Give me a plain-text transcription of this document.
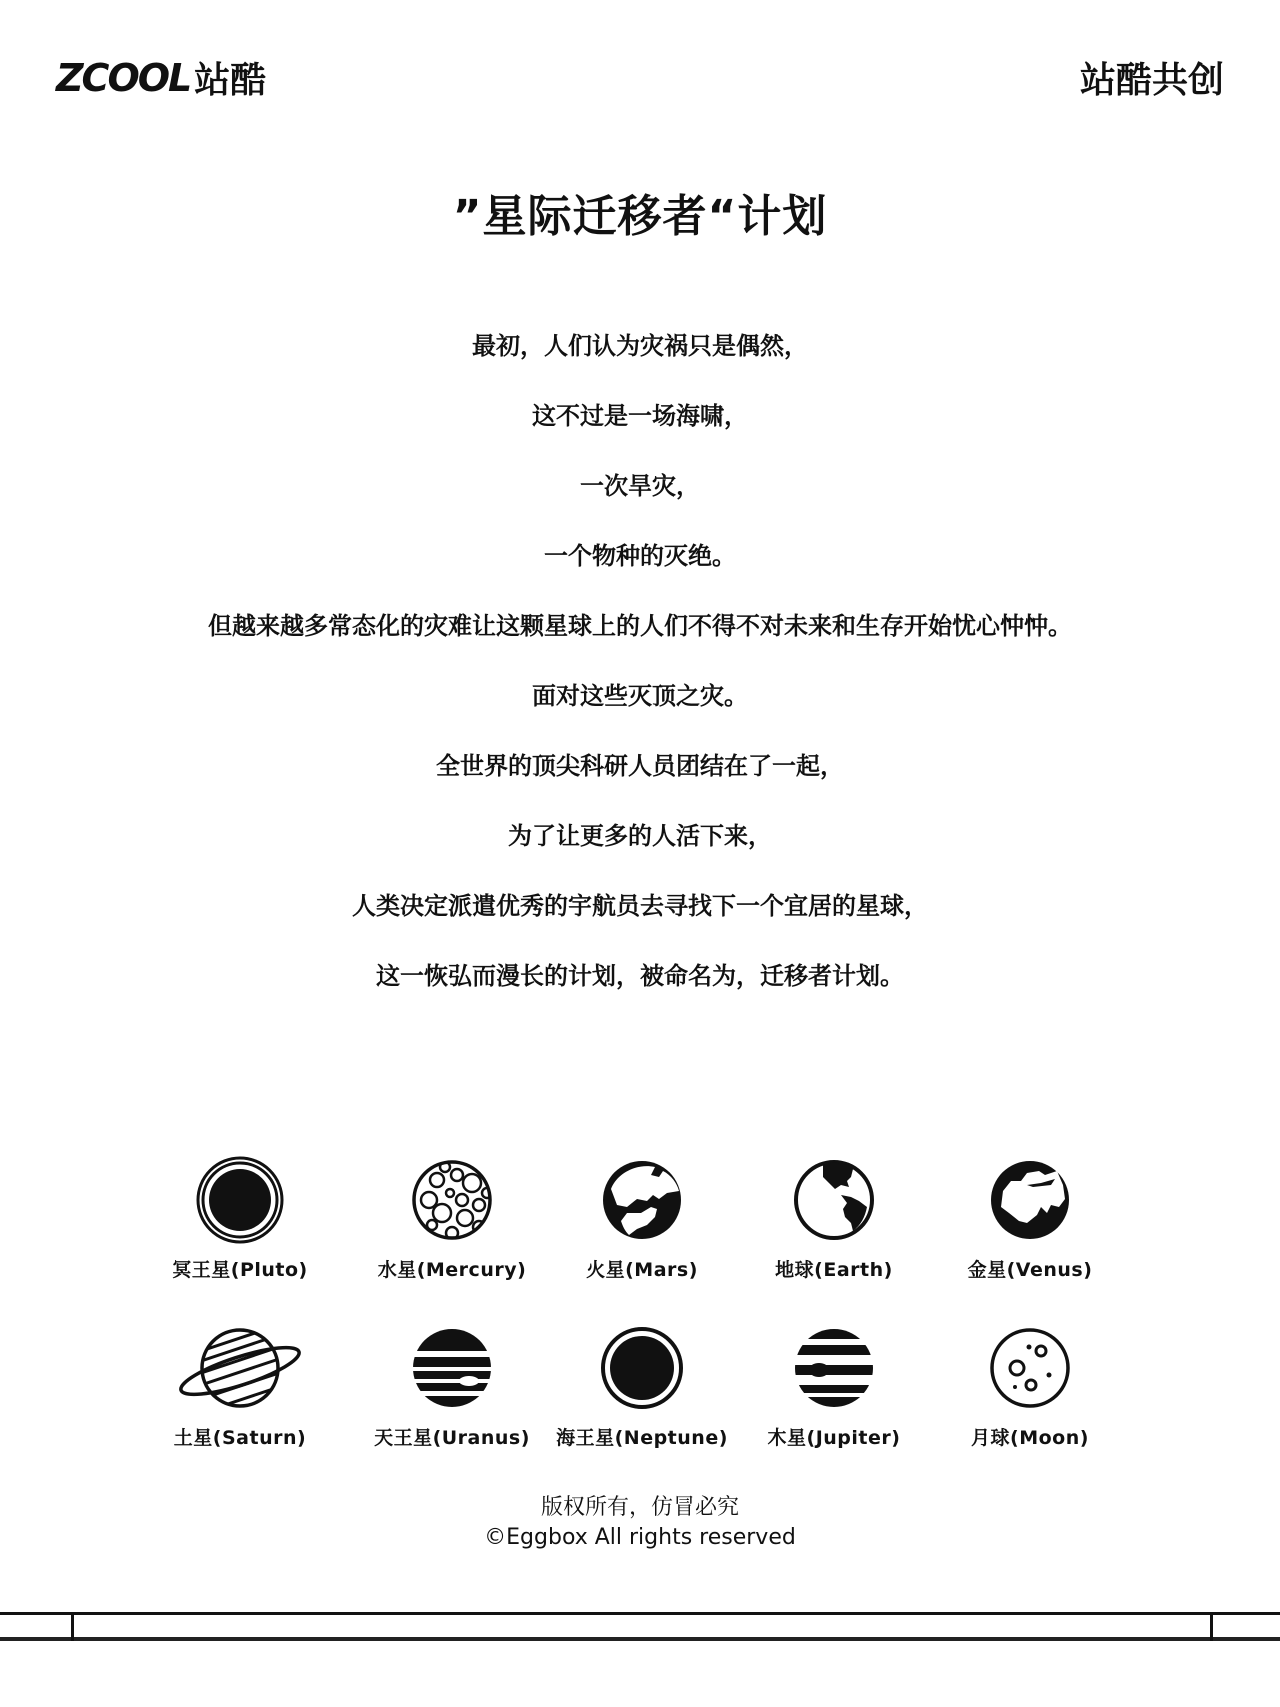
ZCOOL 站酷	站酷共创
”星际迁移者“计划

最初，人们认为灾祸只是偶然，

这不过是一场海啸，

一次旱灾，

一个物种的灭绝。

但越来越多常态化的灾难让这颗星球上的人们不得不对未来和生存开始忧心忡忡。

面对这些灭顶之灾。

全世界的顶尖科研人员团结在了一起，

为了让更多的人活下来，

人类决定派遣优秀的宇航员去寻找下一个宜居的星球，

这一恢弘而漫长的计划，被命名为，迁移者计划。

冥王星(Pluto)	水星(Mercury)	火星(Mars)	地球(Earth)	金星(Venus)
土星(Saturn)	天王星(Uranus)	海王星(Neptune)	木星(Jupiter)	月球(Moon)
版权所有，仿冒必究
©Eggbox All rights reserved
